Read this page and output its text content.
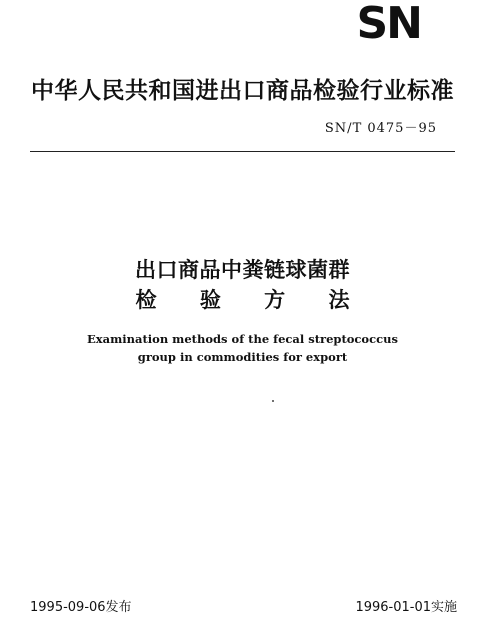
SN
中华人民共和国进出口商品检验行业标准
SN/T 0475－95
出口商品中粪链球菌群
检 验 方 法
Examination methods of the fecal streptococcus
group in commodities for export
1995-09-06发布	1996-01-01实施
